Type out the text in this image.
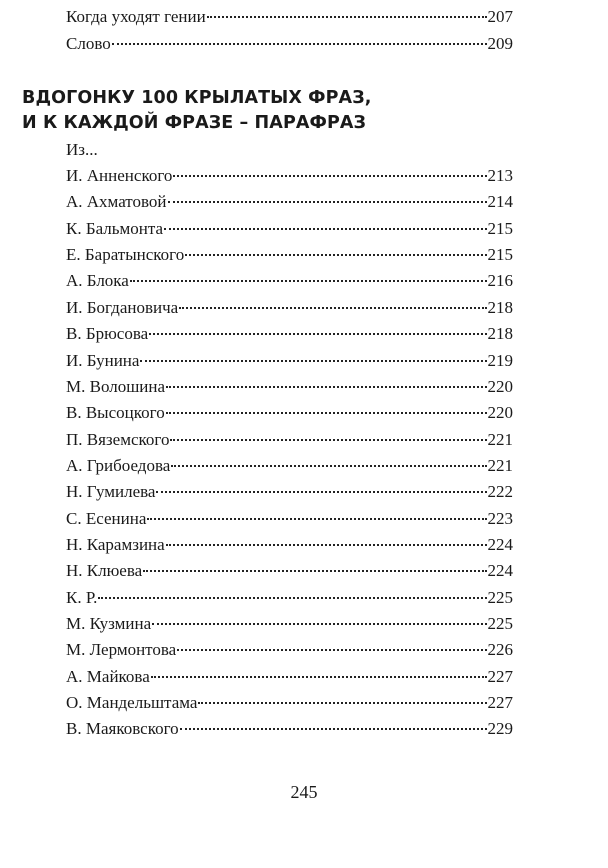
Когда уходят гении	207
Слово	209
ВДОГОНКУ 100 КРЫЛАТЫХ ФРАЗ,
И К КАЖДОЙ ФРАЗЕ – ПАРАФРАЗ
Из...
И. Анненского	213
А. Ахматовой	214
К. Бальмонта	215
Е. Баратынского	215
А. Блока	216
И. Богдановича	218
В. Брюсова	218
И. Бунина	219
М. Волошина	220
В. Высоцкого	220
П. Вяземского	221
А. Грибоедова	221
Н. Гумилева	222
С. Есенина	223
Н. Карамзина	224
Н. Клюева	224
К. Р.	225
М. Кузмина	225
М. Лермонтова	226
А. Майкова	227
О. Мандельштама	227
В. Маяковского	229
245
